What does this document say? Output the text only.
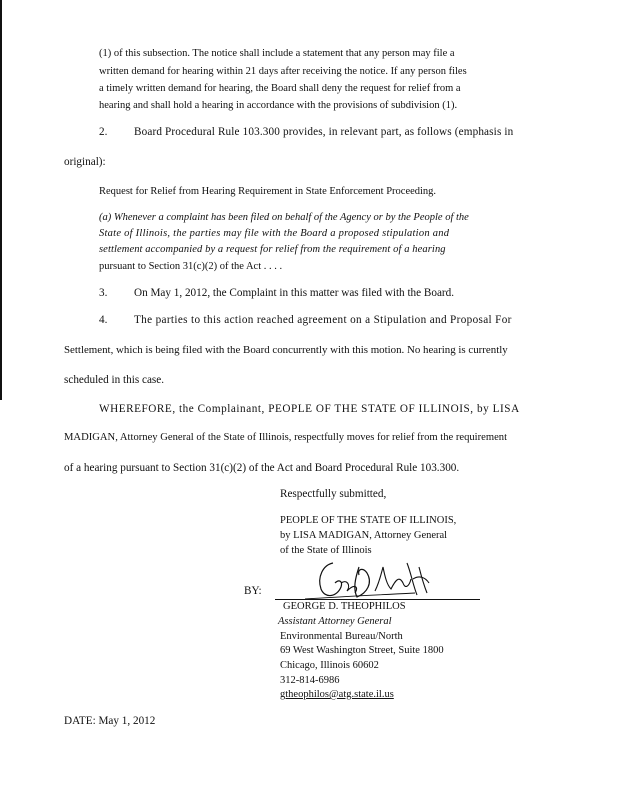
(1) of this subsection. The notice shall include a statement that any person may file a
written demand for hearing within 21 days after receiving the notice. If any person files
a timely written demand for hearing, the Board shall deny the request for relief from a
hearing and shall hold a hearing in accordance with the provisions of subdivision (1).
2. Board Procedural Rule 103.300 provides, in relevant part, as follows (emphasis in
original):
Request for Relief from Hearing Requirement in State Enforcement Proceeding.
(a) Whenever a complaint has been filed on behalf of the Agency or by the People of the
State of Illinois, the parties may file with the Board a proposed stipulation and
settlement accompanied by a request for relief from the requirement of a hearing
pursuant to Section 31(c)(2) of the Act . . . .
3. On May 1, 2012, the Complaint in this matter was filed with the Board.
4. The parties to this action reached agreement on a Stipulation and Proposal For
Settlement, which is being filed with the Board concurrently with this motion. No hearing is currently
scheduled in this case.
WHEREFORE, the Complainant, PEOPLE OF THE STATE OF ILLINOIS, by LISA
MADIGAN, Attorney General of the State of Illinois, respectfully moves for relief from the requirement
of a hearing pursuant to Section 31(c)(2) of the Act and Board Procedural Rule 103.300.
Respectfully submitted,
PEOPLE OF THE STATE OF ILLINOIS,
by LISA MADIGAN, Attorney General
of the State of Illinois
BY:
GEORGE D. THEOPHILOS
Assistant Attorney General
Environmental Bureau/North
69 West Washington Street, Suite 1800
Chicago, Illinois 60602
312-814-6986
gtheophilos@atg.state.il.us
DATE: May 1, 2012
